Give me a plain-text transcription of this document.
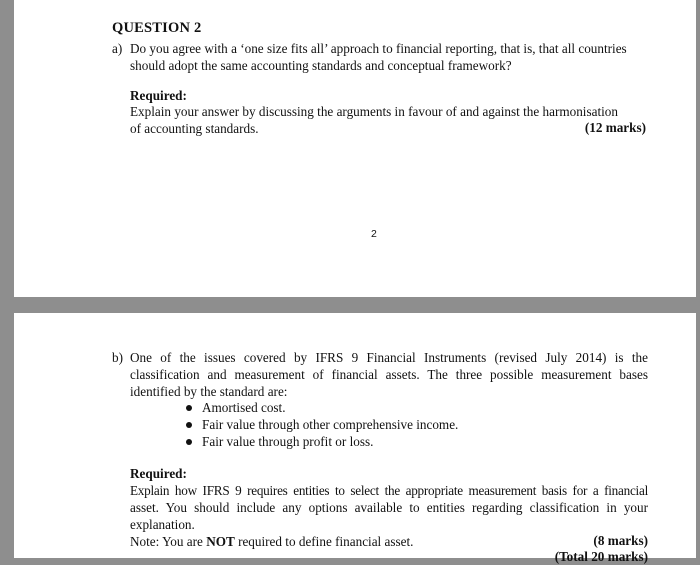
QUESTION 2
a) Do you agree with a ‘one size fits all’ approach to financial reporting, that is, that all countries
should adopt the same accounting standards and conceptual framework?
Required:
Explain your answer by discussing the arguments in favour of and against the harmonisation
of accounting standards.	(12 marks)
2
b) One of the issues covered by IFRS 9 Financial Instruments (revised July 2014) is the
classification and measurement of financial assets. The three possible measurement bases
identified by the standard are:
Amortised cost.
Fair value through other comprehensive income.
Fair value through profit or loss.
Required:
Explain how IFRS 9 requires entities to select the appropriate measurement basis for a financial
asset. You should include any options available to entities regarding classification in your
explanation.
Note: You are NOT required to define financial asset.	(8 marks)
(Total 20 marks)
